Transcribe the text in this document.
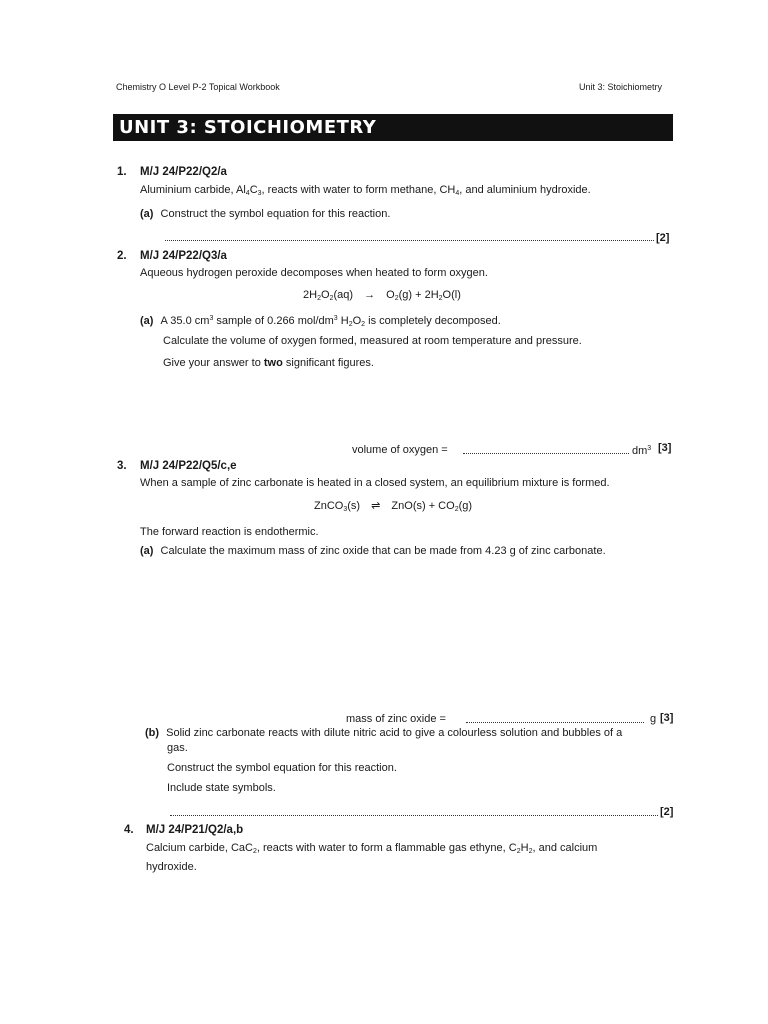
Chemistry O Level P-2 Topical Workbook	Unit 3: Stoichiometry
UNIT 3: STOICHIOMETRY
1. M/J 24/P22/Q2/a
Aluminium carbide, $Al_4C_3$, reacts with water to form methane, $CH_4$, and aluminium hydroxide.
(a) Construct the symbol equation for this reaction.
[2]
2. M/J 24/P22/Q3/a
Aqueous hydrogen peroxide decomposes when heated to form oxygen.
$2H_2O_2(aq) \to O_2(g) + 2H_2O(l)$
(a) A 35.0 $cm^3$ sample of 0.266 mol/$dm^3$ $H_2O_2$ is completely decomposed.
Calculate the volume of oxygen formed, measured at room temperature and pressure.
Give your answer to two significant figures.
volume of oxygen =	$dm^3$ [3]
3. M/J 24/P22/Q5/c,e
When a sample of zinc carbonate is heated in a closed system, an equilibrium mixture is formed.
ZnCO$_3$(s) ⇌ $ZnO(s) + CO_2(g)$
The forward reaction is endothermic.
(a) Calculate the maximum mass of zinc oxide that can be made from 4.23 g of zinc carbonate.
mass of zinc oxide =	g [3]
(b) Solid zinc carbonate reacts with dilute nitric acid to give a colourless solution and bubbles of a
gas.
Construct the symbol equation for this reaction.
Include state symbols.
[2]
4. M/J 24/P21/Q2/a,b
Calcium carbide, CaC$_2$, reacts with water to form a flammable gas ethyne, $C_2H_2$, and calcium
hydroxide.
